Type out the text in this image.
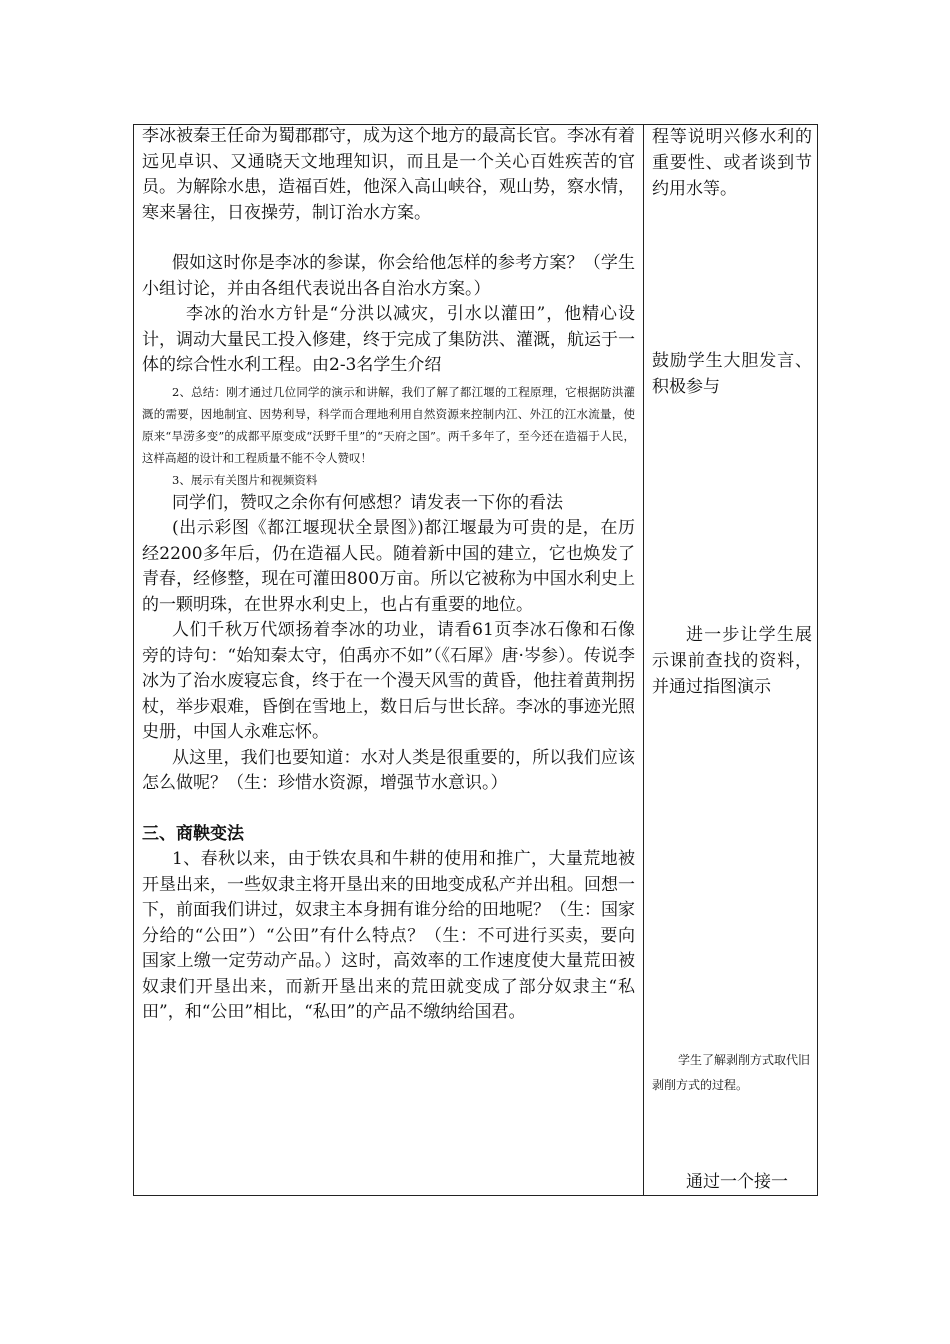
李冰被秦王任命为蜀郡郡守，成为这个地方的最高长官。李冰有着远见卓识、又通晓天文地理知识，而且是一个关心百姓疾苦的官员。为解除水患，造福百姓，他深入高山峡谷，观山势，察水情，寒来暑往，日夜操劳，制订治水方案。

假如这时你是李冰的参谋，你会给他怎样的参考方案？（学生小组讨论，并由各组代表说出各自治水方案。）

李冰的治水方针是“分洪以减灾，引水以灌田”，他精心设计，调动大量民工投入修建，终于完成了集防洪、灌溉，航运于一体的综合性水利工程。由2-3名学生介绍

2、总结：刚才通过几位同学的演示和讲解，我们了解了都江堰的工程原理，它根据防洪灌溉的需要，因地制宜、因势利导，科学而合理地利用自然资源来控制内江、外江的江水流量，使原来“旱涝多变”的成都平原变成“沃野千里”的“天府之国”。两千多年了，至今还在造福于人民，这样高超的设计和工程质量不能不令人赞叹！

3、展示有关图片和视频资料

同学们，赞叹之余你有何感想？请发表一下你的看法

(出示彩图《都江堰现状全景图》)都江堰最为可贵的是，在历经2200多年后，仍在造福人民。随着新中国的建立，它也焕发了青春，经修整，现在可灌田800万亩。所以它被称为中国水利史上的一颗明珠，在世界水利史上，也占有重要的地位。

人们千秋万代颂扬着李冰的功业，请看61页李冰石像和石像旁的诗句：“始知秦太守，伯禹亦不如”（《石犀》唐·岑参）。传说李冰为了治水废寝忘食，终于在一个漫天风雪的黄昏，他拄着黄荆拐杖，举步艰难，昏倒在雪地上，数日后与世长辞。李冰的事迹光照史册，中国人永难忘怀。

从这里，我们也要知道：水对人类是很重要的，所以我们应该怎么做呢？（生：珍惜水资源，增强节水意识。）

三、商鞅变法

1、春秋以来，由于铁农具和牛耕的使用和推广，大量荒地被开垦出来，一些奴隶主将开垦出来的田地变成私产并出租。回想一下，前面我们讲过，奴隶主本身拥有谁分给的田地呢？（生：国家分给的“公田”）“公田”有什么特点？（生：不可进行买卖，要向国家上缴一定劳动产品。）这时，高效率的工作速度使大量荒田被奴隶们开垦出来，而新开垦出来的荒田就变成了部分奴隶主“私田”，和“公田”相比，“私田”的产品不缴纳给国君。

程等说明兴修水利的重要性、或者谈到节约用水等。

鼓励学生大胆发言、积极参与

进一步让学生展示课前查找的资料，并通过指图演示

学生了解剥削方式取代旧剥削方式的过程。

通过一个接一
